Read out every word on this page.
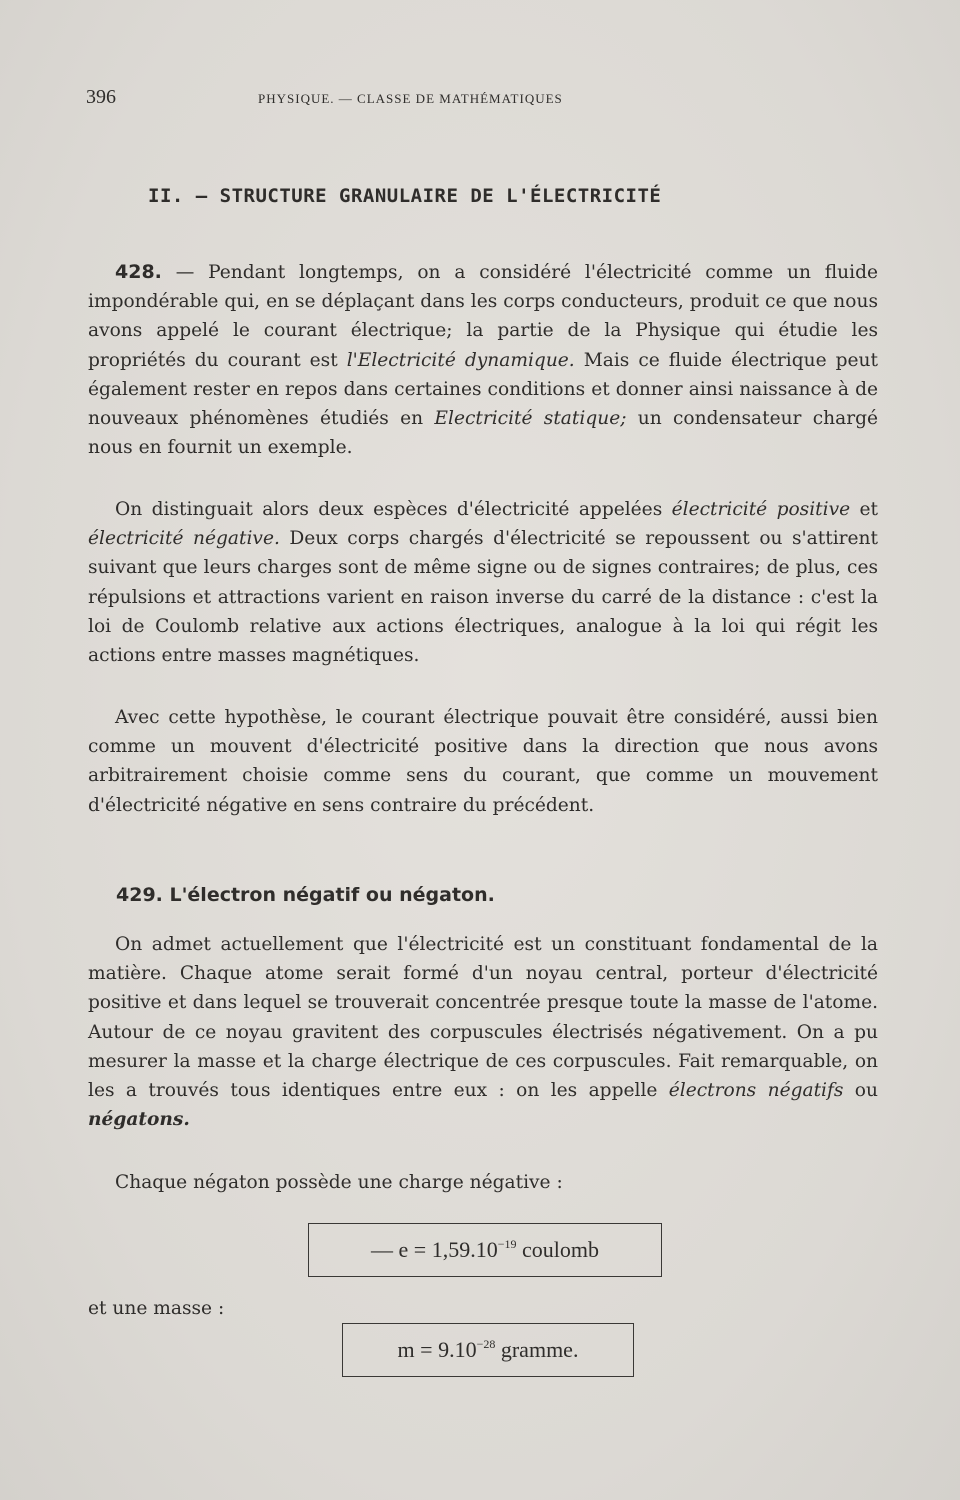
396	PHYSIQUE. — CLASSE DE MATHÉMATIQUES
II. — STRUCTURE GRANULAIRE DE L'ÉLECTRICITÉ

428. — Pendant longtemps, on a considéré l'électricité comme un fluide impondérable qui, en se déplaçant dans les corps conducteurs, produit ce que nous avons appelé le courant électrique; la partie de la Physique qui étudie les propriétés du courant est l'Electricité dynamique. Mais ce fluide électrique peut également rester en repos dans certaines conditions et donner ainsi naissance à de nouveaux phénomènes étudiés en Electricité statique; un condensateur chargé nous en fournit un exemple.

On distinguait alors deux espèces d'électricité appelées électricité positive et électricité négative. Deux corps chargés d'électricité se repoussent ou s'attirent suivant que leurs charges sont de même signe ou de signes contraires; de plus, ces répulsions et attractions varient en raison inverse du carré de la distance : c'est la loi de Coulomb relative aux actions électriques, analogue à la loi qui régit les actions entre masses magnétiques.

Avec cette hypothèse, le courant électrique pouvait être considéré, aussi bien comme un mouvent d'électricité positive dans la direction que nous avons arbitrairement choisie comme sens du courant, que comme un mouvement d'électricité négative en sens contraire du précédent.

429. L'électron négatif ou négaton.

On admet actuellement que l'électricité est un constituant fondamental de la matière. Chaque atome serait formé d'un noyau central, porteur d'électricité positive et dans lequel se trouverait concentrée presque toute la masse de l'atome. Autour de ce noyau gravitent des corpuscules électrisés négativement. On a pu mesurer la masse et la charge électrique de ces corpuscules. Fait remarquable, on les a trouvés tous identiques entre eux : on les appelle électrons négatifs ou négatons.

Chaque négaton possède une charge négative :

— $e = 1,59.10^{-19}$ coulomb
et une masse :
$m = 9.10^{-28}$ gramme.
